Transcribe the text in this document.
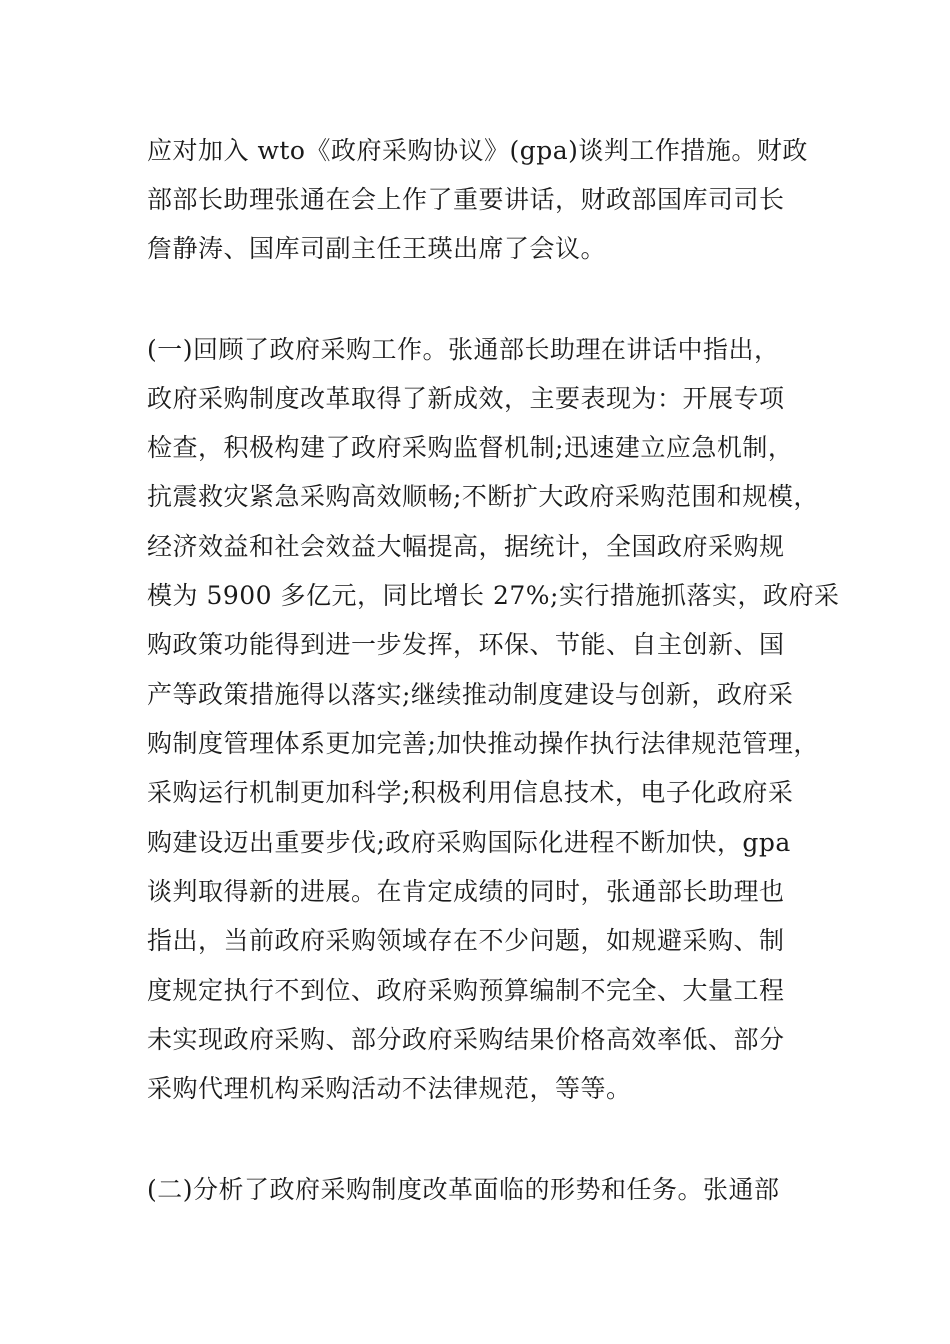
应对加入 wto《政府采购协议》(gpa)谈判工作措施。财政
部部长助理张通在会上作了重要讲话，财政部国库司司长
詹静涛、国库司副主任王瑛出席了会议。
(一)回顾了政府采购工作。张通部长助理在讲话中指出，
政府采购制度改革取得了新成效，主要表现为：开展专项
检查，积极构建了政府采购监督机制;迅速建立应急机制，
抗震救灾紧急采购高效顺畅;不断扩大政府采购范围和规模，
经济效益和社会效益大幅提高，据统计，全国政府采购规
模为 5900 多亿元，同比增长 27%;实行措施抓落实，政府采
购政策功能得到进一步发挥，环保、节能、自主创新、国
产等政策措施得以落实;继续推动制度建设与创新，政府采
购制度管理体系更加完善;加快推动操作执行法律规范管理，
采购运行机制更加科学;积极利用信息技术，电子化政府采
购建设迈出重要步伐;政府采购国际化进程不断加快，gpa
谈判取得新的进展。在肯定成绩的同时，张通部长助理也
指出，当前政府采购领域存在不少问题，如规避采购、制
度规定执行不到位、政府采购预算编制不完全、大量工程
未实现政府采购、部分政府采购结果价格高效率低、部分
采购代理机构采购活动不法律规范，等等。
(二)分析了政府采购制度改革面临的形势和任务。张通部
